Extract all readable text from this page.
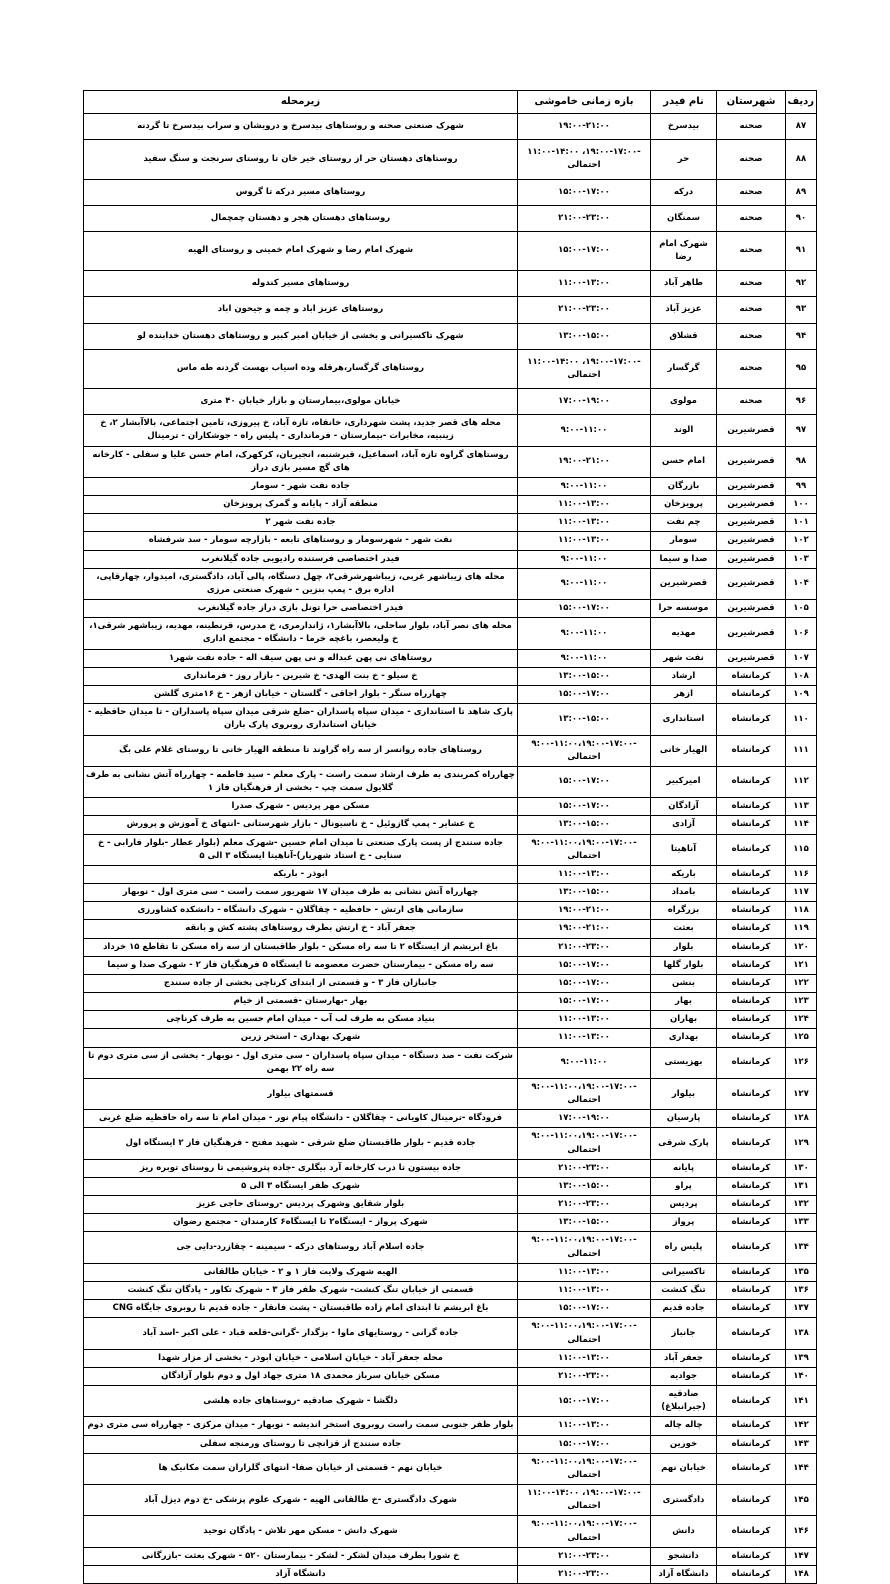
ردیف	شهرستان	نام فیدر	بازه زمانی خاموشی	زیرمحله
۸۷	صحنه	بیدسرخ	۱۹:۰۰-۲۱:۰۰	شهرک صنعتی صحنه و روستاهای بیدسرخ و درویشان و سراب بیدسرخ تا گردنه
۸۸	صحنه	حر	۱۱:۰۰-۱۴:۰۰ ،۱۹:۰۰-۱۷:۰۰-احتمالی	روستاهای دهستان حر از روستای خیر خان تا روستای سرنجت و سنگ سفید
۸۹	صحنه	درکه	۱۵:۰۰-۱۷:۰۰	روستاهای مسیر درکه تا گروس
۹۰	صحنه	سمنگان	۲۱:۰۰-۲۳:۰۰	روستاهای دهستان هجر و دهستان چمچمال
۹۱	صحنه	شهرک امام رضا	۱۵:۰۰-۱۷:۰۰	شهرک امام رضا و شهرک امام خمینی و روستای الهیه
۹۲	صحنه	طاهر آباد	۱۱:۰۰-۱۳:۰۰	روستاهای مسیر کندوله
۹۳	صحنه	عزیز آباد	۲۱:۰۰-۲۳:۰۰	روستاهای عزیز اباد و چمه و جیحون اباد
۹۴	صحنه	قشلاق	۱۳:۰۰-۱۵:۰۰	شهرک تاکسیرانی و بخشی از خیابان امیر کبیر و روستاهای دهستان خدابنده لو
۹۵	صحنه	گرگسار	۱۱:۰۰-۱۴:۰۰ ،۱۹:۰۰-۱۷:۰۰-احتمالی	روستاهای گرگسار،هرقله وده اسیاب بهست گردنه طه ماس
۹۶	صحنه	مولوی	۱۷:۰۰-۱۹:۰۰	خیابان مولوی،بیمارستان و بازار خیابان ۴۰ متری
۹۷	قصرشیرین	الوند	۹:۰۰-۱۱:۰۰	محله های قصر جدید، پشت شهرداری، خانقاه، تازه آباد، خ پیروزی، تامین اجتماعی، بالاآبشار ۲، خ زینبیه، مخابرات -بیمارستان - فرمانداری - پلیس راه - جوشکاران - ترمینال
۹۸	قصرشیرین	امام حسن	۱۹:۰۰-۲۱:۰۰	روستاهای گراوه تازه آباد، اسماعیل، قبرشنبه، انجیریان، کرکهرک، امام حسن علیا و سفلی - کارخانه های گچ مسیر بازی دراز
۹۹	قصرشیرین	بازرگان	۹:۰۰-۱۱:۰۰	جاده نفت شهر - سومار
۱۰۰	قصرشیرین	پرویزخان	۱۱:۰۰-۱۳:۰۰	منطقه آزاد - پایانه و گمرک پرویزخان
۱۰۱	قصرشیرین	چم نفت	۱۱:۰۰-۱۳:۰۰	جاده نفت شهر ۲
۱۰۲	قصرشیرین	سومار	۱۱:۰۰-۱۳:۰۰	نفت شهر - شهرسومار و روستاهای تابعه - بازارچه سومار - سد شرفشاه
۱۰۳	قصرشیرین	صدا و سیما	۹:۰۰-۱۱:۰۰	فیدر اختصاصی فرستنده رادیویی جاده گیلانغرب
۱۰۴	قصرشیرین	قصرشیرین	۹:۰۰-۱۱:۰۰	محله های زیباشهر غربی، زیباشهرشرقی۲، چهل دستگاه، پالی آباد، دادگستری، امیدوار، چهارقاپی، اداره برق - پمپ بنزین - شهرک صنعتی مرزی
۱۰۵	قصرشیرین	موسسه حرا	۱۵:۰۰-۱۷:۰۰	فیدر اختصاصی حرا تونل بازی دراز جاده گیلانغرب
۱۰۶	قصرشیرین	مهدیه	۹:۰۰-۱۱:۰۰	محله های نصر آباد، بلوار ساحلی، بالاآبشار۱، ژاندارمری، خ مدرس، قرنطینه، مهدیه، زیباشهر شرقی۱، خ ولیعصر، باغچه خرما - دانشگاه - مجتمع اداری
۱۰۷	قصرشیرین	نفت شهر	۹:۰۰-۱۱:۰۰	روستاهای نی پهن عبداله و نی پهن سیف اله - جاده نفت شهر۱
۱۰۸	کرمانشاه	ارشاد	۱۳:۰۰-۱۵:۰۰	خ سیلو - خ بنت الهدی- خ شیرین - بازار روز - فرمانداری
۱۰۹	کرمانشاه	ازهر	۱۵:۰۰-۱۷:۰۰	چهارراه سنگر - بلوار اجاقی - گلستان - خیابان ازهر - خ ۱۶متری گلشن
۱۱۰	کرمانشاه	استانداری	۱۳:۰۰-۱۵:۰۰	پارک شاهد تا استانداری - میدان سپاه پاسداران -ضلع شرقی میدان سپاه پاسداران - تا میدان حافظیه - خیابان استانداری روبروی پارک باران
۱۱۱	کرمانشاه	الهیار خانی	۹:۰۰-۱۱:۰۰،۱۹:۰۰-۱۷:۰۰-احتمالی	روستاهای جاده روانسر از سه راه گراوند تا منطقه الهیار خانی تا روستای غلام علی بگ
۱۱۲	کرمانشاه	امیرکبیر	۱۵:۰۰-۱۷:۰۰	چهارراه کمربندی به طرف ارشاد سمت راست - پارک معلم - سید فاطمه - چهارراه آتش نشانی به طرف گلایول سمت چپ - بخشی از فرهنگیان فاز ۱
۱۱۳	کرمانشاه	آزادگان	۱۵:۰۰-۱۷:۰۰	مسکن مهر پردیس - شهرک صدرا
۱۱۴	کرمانشاه	آزادی	۱۳:۰۰-۱۵:۰۰	خ عشایر - پمپ گازوئیل - خ ناسیونال - بازار شهرستانی -انتهای خ آموزش و پرورش
۱۱۵	کرمانشاه	آناهیتا	۹:۰۰-۱۱:۰۰،۱۹:۰۰-۱۷:۰۰-احتمالی	جاده سنندج از پست پارک صنعتی تا میدان امام حسین -شهرک معلم (بلوار عطار -بلوار فارابی - خ سنایی - خ استاد شهریار)-آناهیتا ایستگاه ۳ الی ۵
۱۱۶	کرمانشاه	باریکه	۱۱:۰۰-۱۳:۰۰	ابوذر - باریکه
۱۱۷	کرمانشاه	بامداد	۱۳:۰۰-۱۵:۰۰	چهارراه آتش نشانی به طرف میدان ۱۷ شهریور سمت راست - سی متری اول - نوبهار
۱۱۸	کرمانشاه	بزرگراه	۱۹:۰۰-۲۱:۰۰	سازمانی های ارتش - حافظیه - چقاگلان - شهرک دانشگاه - دانشکده کشاورزی
۱۱۹	کرمانشاه	بعثت	۱۹:۰۰-۲۱:۰۰	جعفر آباد - خ ارتش بطرف روستاهای پشته کش و بانقه
۱۲۰	کرمانشاه	بلوار	۲۱:۰۰-۲۳:۰۰	باغ ابریشم از ایستگاه ۲ تا سه راه مسکن - بلوار طاقبستان از سه راه مسکن تا تقاطع ۱۵ خرداد
۱۲۱	کرمانشاه	بلوار گلها	۱۵:۰۰-۱۷:۰۰	سه راه مسکن - بیمارستان حضرت معصومه تا ایستگاه ۵ فرهنگیان فاز ۲ - شهرک صدا و سیما
۱۲۲	کرمانشاه	بنشن	۱۵:۰۰-۱۷:۰۰	جانبازان فاز ۳ - و قسمتی از ابتدای کرناچی بخشی از جاده سنندج
۱۲۳	کرمانشاه	بهار	۱۵:۰۰-۱۷:۰۰	بهار -بهارستان -قسمتی از خیام
۱۲۴	کرمانشاه	بهاران	۱۱:۰۰-۱۳:۰۰	بنیاد مسکن به طرف لب آب - میدان امام حسین به طرف کرناچی
۱۲۵	کرمانشاه	بهداری	۱۱:۰۰-۱۳:۰۰	شهرک بهداری - استخر زرین
۱۲۶	کرمانشاه	بهزیستی	۹:۰۰-۱۱:۰۰	شرکت نفت - صد دستگاه - میدان سپاه پاسداران - سی متری اول - نوبهار - بخشی از سی متری دوم تا سه راه ۲۲ بهمن
۱۲۷	کرمانشاه	بیلوار	۹:۰۰-۱۱:۰۰،۱۹:۰۰-۱۷:۰۰-احتمالی	قسمتهای بیلوار
۱۲۸	کرمانشاه	پارسیان	۱۷:۰۰-۱۹:۰۰	فرودگاه -ترمینال کاویانی - چقاگلان - دانشگاه پیام نور - میدان امام تا سه راه حافظیه ضلع غربی
۱۲۹	کرمانشاه	پارک شرقی	۹:۰۰-۱۱:۰۰،۱۹:۰۰-۱۷:۰۰-احتمالی	جاده قدیم - بلوار طاقبستان ضلع شرقی - شهید مفتح - فرهنگیان فاز ۲ ایستگاه اول
۱۳۰	کرمانشاه	پایانه	۲۱:۰۰-۲۳:۰۰	جاده بیستون تا درب کارخانه آرد بیگلری -جاده پتروشیمی تا روستای توبره ریز
۱۳۱	کرمانشاه	پراو	۱۳:۰۰-۱۵:۰۰	شهرک ظفر ایستگاه ۳ الی ۵
۱۳۲	کرمانشاه	پردیس	۲۱:۰۰-۲۳:۰۰	بلوار شقایق وشهرک پردیس -روستای حاجی عزیز
۱۳۳	کرمانشاه	پرواز	۱۳:۰۰-۱۵:۰۰	شهرک پرواز - ایستگاه۲ تا ایستگاه۶ کارمندان - مجتمع رضوان
۱۳۴	کرمانشاه	پلیس راه	۹:۰۰-۱۱:۰۰،۱۹:۰۰-۱۷:۰۰-احتمالی	جاده اسلام آباد روستاهای درکه - سیمینه - چقازرد-دایی جی
۱۳۵	کرمانشاه	تاکسیرانی	۱۱:۰۰-۱۳:۰۰	الهیه شهرک ولایت فاز ۱ و ۲ - خیابان طالقانی
۱۳۶	کرمانشاه	تنگ کنشت	۱۱:۰۰-۱۳:۰۰	قسمتی از خیابان تنگ کنشت- شهرک ظفر فاز ۳ - شهرک تکاور - پادگان تنگ کنشت
۱۳۷	کرمانشاه	جاده قدیم	۱۵:۰۰-۱۷:۰۰	باغ ابریشم تا ابتدای امام زاده طاقبستان - پشت فانقار - جاده قدیم تا روبروی جایگاه CNG
۱۳۸	کرمانشاه	جانباز	۹:۰۰-۱۱:۰۰،۱۹:۰۰-۱۷:۰۰-احتمالی	جاده گرانی - روستایهای ماوا - بزگدار -گرانی-قلعه قباد - علی اکبر -اسد آباد
۱۳۹	کرمانشاه	جعفر آباد	۱۱:۰۰-۱۳:۰۰	محله جعفر آباد - خیابان اسلامی - خیابان ابوذر - بخشی از مزار شهدا
۱۴۰	کرمانشاه	جوادیه	۲۱:۰۰-۲۳:۰۰	مسکن خیابان سرباز محمدی ۱۸ متری جهاد اول و دوم بلوار آزادگان
۱۴۱	کرمانشاه	صادقیه (جیرانبلاغ)	۱۵:۰۰-۱۷:۰۰	دلگشا - شهرک صادقیه -روستاهای جاده هلشی
۱۴۲	کرمانشاه	چاله چاله	۱۱:۰۰-۱۳:۰۰	بلوار ظفر جنوبی سمت راست روبروی استخر اندیشه - نوبهار - میدان مرکزی - چهارراه سی متری دوم
۱۴۳	کرمانشاه	خورین	۱۵:۰۰-۱۷:۰۰	جاده سنندج از قزانچی تا روستای ورمنجه سفلی
۱۴۴	کرمانشاه	خیابان نهم	۹:۰۰-۱۱:۰۰،۱۹:۰۰-۱۷:۰۰-احتمالی	خیابان نهم - قسمتی از خیابان صفا- انتهای گلزاران سمت مکانیک ها
۱۴۵	کرمانشاه	دادگستری	۱۱:۰۰-۱۴:۰۰ ،۱۹:۰۰-۱۷:۰۰-احتمالی	شهرک دادگستری -خ طالقانی الهیه - شهرک علوم پزشکی -خ دوم دیزل آباد
۱۴۶	کرمانشاه	دانش	۹:۰۰-۱۱:۰۰،۱۹:۰۰-۱۷:۰۰-احتمالی	شهرک دانش - مسکن مهر تلاش - پادگان توحید
۱۴۷	کرمانشاه	دانشجو	۲۱:۰۰-۲۳:۰۰	خ شورا بطرف میدان لشکر - لشکر - بیمارستان ۵۲۰ - شهرک بعثت -بازرگانی
۱۴۸	کرمانشاه	دانشگاه آزاد	۲۱:۰۰-۲۳:۰۰	دانشگاه آزاد
